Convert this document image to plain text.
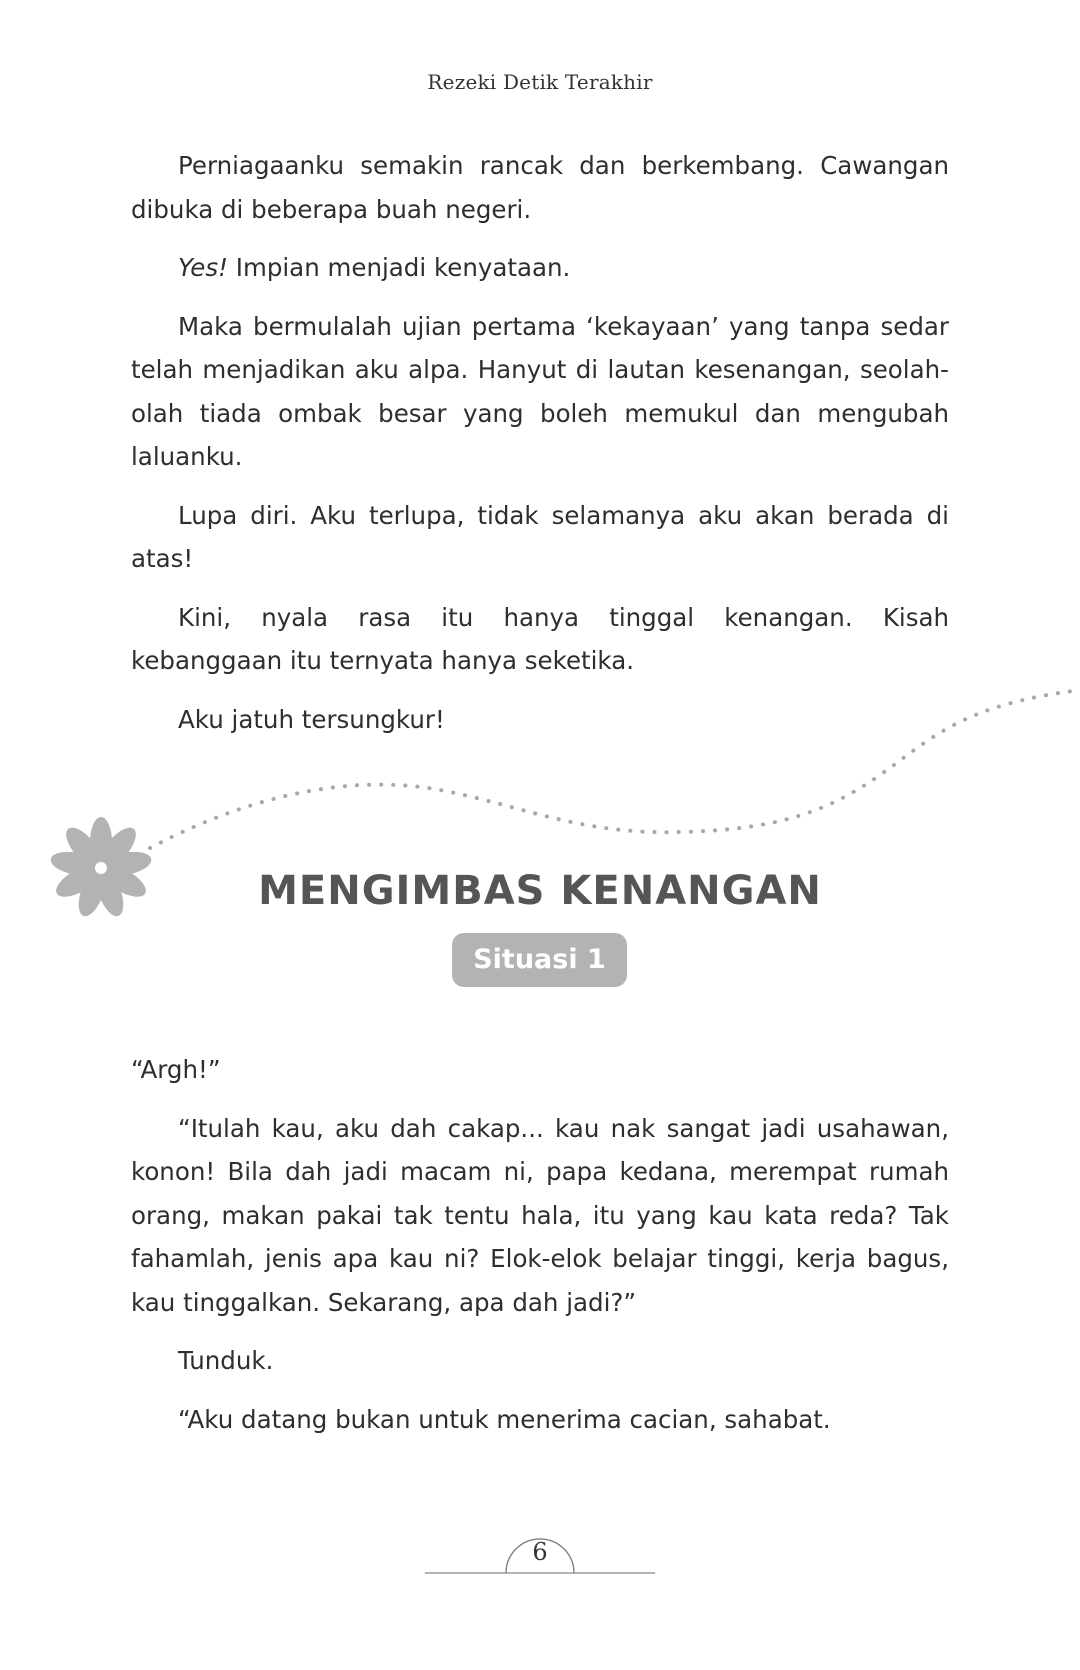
Rezeki Detik Terakhir

Perniagaanku semakin rancak dan berkembang. Cawangan dibuka di beberapa buah negeri.

Yes! Impian menjadi kenyataan.

Maka bermulalah ujian pertama ‘kekayaan’ yang tanpa sedar telah menjadikan aku alpa. Hanyut di lautan kesenangan, seolah-olah tiada ombak besar yang boleh memukul dan mengubah laluanku.

Lupa diri. Aku terlupa, tidak selamanya aku akan berada di atas!

Kini, nyala rasa itu hanya tinggal kenangan. Kisah kebanggaan itu ternyata hanya seketika.

Aku jatuh tersungkur!

MENGIMBAS KENANGAN
Situasi 1

“Argh!”

“Itulah kau, aku dah cakap... kau nak sangat jadi usahawan, konon! Bila dah jadi macam ni, papa kedana, merempat rumah orang, makan pakai tak tentu hala, itu yang kau kata reda? Tak fahamlah, jenis apa kau ni? Elok-elok belajar tinggi, kerja bagus, kau tinggalkan. Sekarang, apa dah jadi?”

Tunduk.

“Aku datang bukan untuk menerima cacian, sahabat.

6
